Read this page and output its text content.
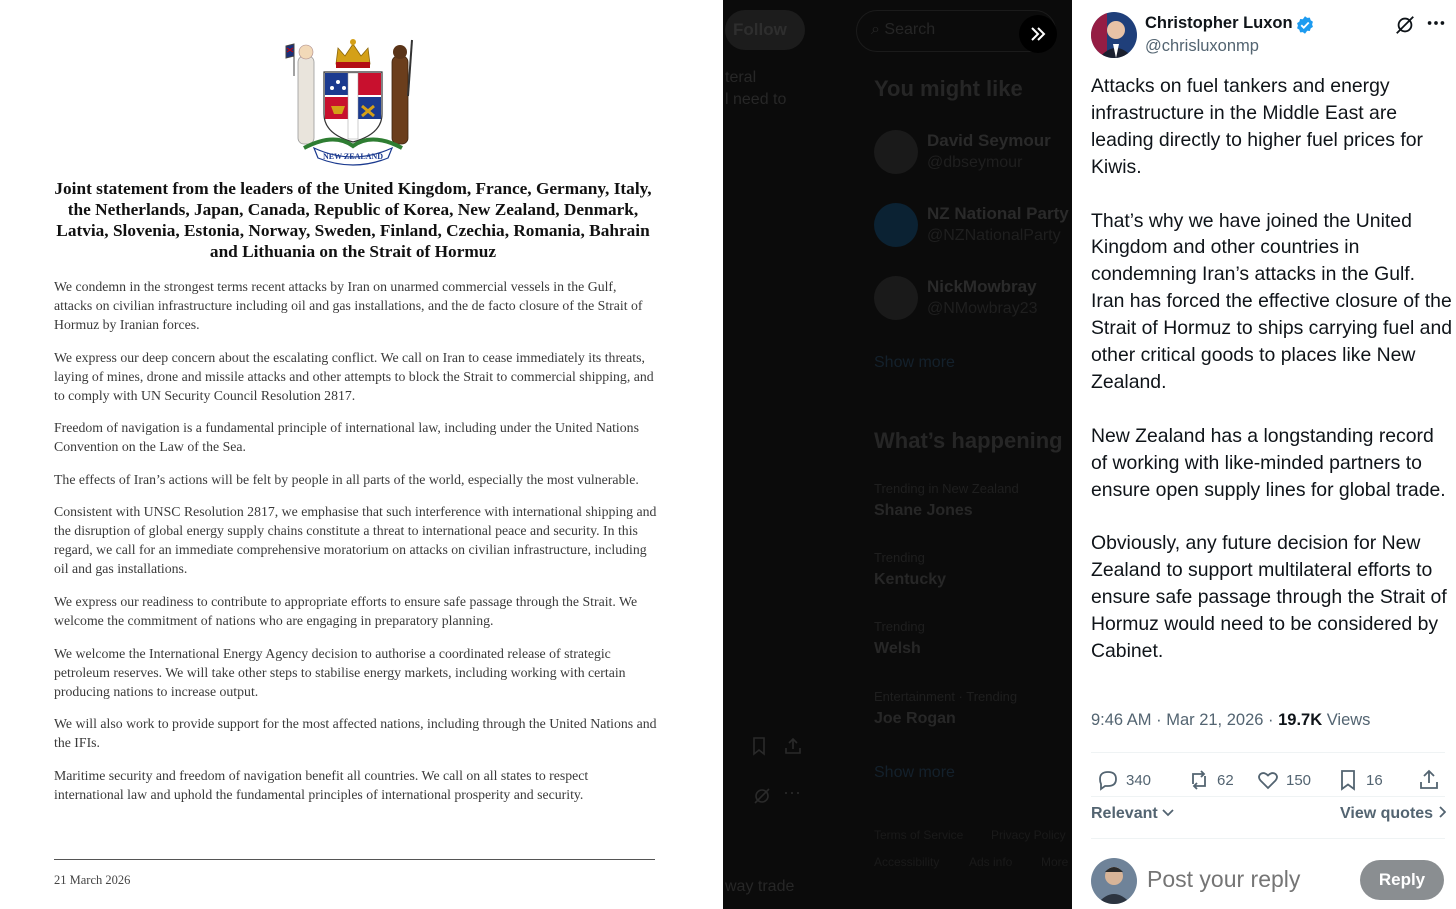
NEW ZEALAND
Joint statement from the leaders of the United Kingdom, France, Germany, Italy, the Netherlands, Japan, Canada, Republic of Korea, New Zealand, Denmark, Latvia, Slovenia, Estonia, Norway, Sweden, Finland, Czechia, Romania, Bahrain and Lithuania on the Strait of Hormuz

We condemn in the strongest terms recent attacks by Iran on unarmed commercial vessels in the Gulf, attacks on civilian infrastructure including oil and gas installations, and the de facto closure of the Strait of Hormuz by Iranian forces.

We express our deep concern about the escalating conflict. We call on Iran to cease immediately its threats, laying of mines, drone and missile attacks and other attempts to block the Strait to commercial shipping, and to comply with UN Security Council Resolution 2817.

Freedom of navigation is a fundamental principle of international law, including under the United Nations Convention on the Law of the Sea.

The effects of Iran’s actions will be felt by people in all parts of the world, especially the most vulnerable.

Consistent with UNSC Resolution 2817, we emphasise that such interference with international shipping and the disruption of global energy supply chains constitute a threat to international peace and security. In this regard, we call for an immediate comprehensive moratorium on attacks on civilian infrastructure, including oil and gas installations.

We express our readiness to contribute to appropriate efforts to ensure safe passage through the Strait. We welcome the commitment of nations who are engaging in preparatory planning.

We welcome the International Energy Agency decision to authorise a coordinated release of strategic petroleum reserves. We will take other steps to stabilise energy markets, including working with certain producing nations to increase output.

We will also work to provide support for the most affected nations, including through the United Nations and the IFIs.

Maritime security and freedom of navigation benefit all countries. We call on all states to respect international law and uphold the fundamental principles of international prosperity and security.

21 March 2026
Follow	⌕ Search
teral
l need to	You might like
David Seymour
@dbseymour
NZ National Party
@NZNationalParty
NickMowbray
@NMowbray23
Show more
What’s happening
Trending in New Zealand
Shane Jones
Trending
Kentucky
Trending
Welsh
Entertainment · Trending
Joe Rogan
Show more
···
Terms of Service Privacy Policy
Accessibility Ads info More
way trade
Christopher Luxon
@chrisluxonmp

Attacks on fuel tankers and energy infrastructure in the Middle East are leading directly to higher fuel prices for Kiwis.

That’s why we have joined the United Kingdom and other countries in condemning Iran’s attacks in the Gulf. Iran has forced the effective closure of the Strait of Hormuz to ships carrying fuel and other critical goods to places like New Zealand.

New Zealand has a longstanding record of working with like-minded partners to ensure open supply lines for global trade.

Obviously, any future decision for New Zealand to support multilateral efforts to ensure safe passage through the Strait of Hormuz would need to be considered by Cabinet.

9:46 AM · Mar 21, 2026 · 19.7K Views
340	62	150	16
Relevant	View quotes
Post your reply
Reply
